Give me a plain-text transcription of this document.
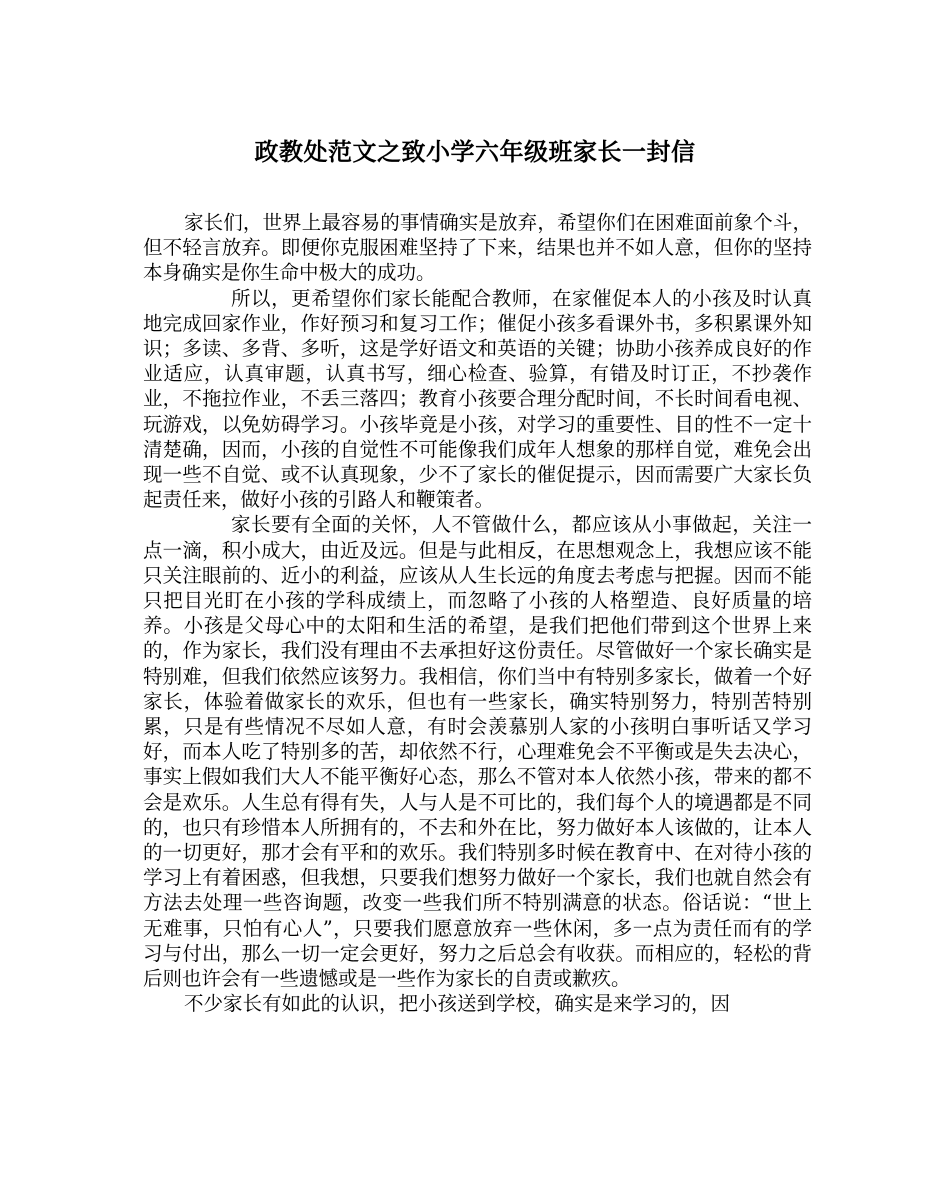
政教处范文之致小学六年级班家长一封信

家长们，世界上最容易的事情确实是放弃，希望你们在困难面前象个斗，但不轻言放弃。即便你克服困难坚持了下来，结果也并不如人意，但你的坚持本身确实是你生命中极大的成功。

所以，更希望你们家长能配合教师，在家催促本人的小孩及时认真地完成回家作业，作好预习和复习工作；催促小孩多看课外书，多积累课外知识；多读、多背、多听，这是学好语文和英语的关键；协助小孩养成良好的作业适应，认真审题，认真书写，细心检查、验算，有错及时订正，不抄袭作业，不拖拉作业，不丢三落四；教育小孩要合理分配时间，不长时间看电视、玩游戏，以免妨碍学习。小孩毕竟是小孩，对学习的重要性、目的性不一定十清楚确，因而，小孩的自觉性不可能像我们成年人想象的那样自觉，难免会出现一些不自觉、或不认真现象，少不了家长的催促提示，因而需要广大家长负起责任来，做好小孩的引路人和鞭策者。

家长要有全面的关怀，人不管做什么，都应该从小事做起，关注一点一滴，积小成大，由近及远。但是与此相反，在思想观念上，我想应该不能只关注眼前的、近小的利益，应该从人生长远的角度去考虑与把握。因而不能只把目光盯在小孩的学科成绩上，而忽略了小孩的人格塑造、良好质量的培养。小孩是父母心中的太阳和生活的希望，是我们把他们带到这个世界上来的，作为家长，我们没有理由不去承担好这份责任。尽管做好一个家长确实是特别难，但我们依然应该努力。我相信，你们当中有特别多家长，做着一个好家长，体验着做家长的欢乐，但也有一些家长，确实特别努力，特别苦特别累，只是有些情况不尽如人意，有时会羡慕别人家的小孩明白事听话又学习好，而本人吃了特别多的苦，却依然不行，心理难免会不平衡或是失去决心，事实上假如我们大人不能平衡好心态，那么不管对本人依然小孩，带来的都不会是欢乐。人生总有得有失，人与人是不可比的，我们每个人的境遇都是不同的，也只有珍惜本人所拥有的，不去和外在比，努力做好本人该做的，让本人的一切更好，那才会有平和的欢乐。我们特别多时候在教育中、在对待小孩的学习上有着困惑，但我想，只要我们想努力做好一个家长，我们也就自然会有方法去处理一些咨询题，改变一些我们所不特别满意的状态。俗话说：“世上无难事，只怕有心人”，只要我们愿意放弃一些休闲，多一点为责任而有的学习与付出，那么一切一定会更好，努力之后总会有收获。而相应的，轻松的背后则也许会有一些遗憾或是一些作为家长的自责或歉疚。

不少家长有如此的认识，把小孩送到学校，确实是来学习的，因
